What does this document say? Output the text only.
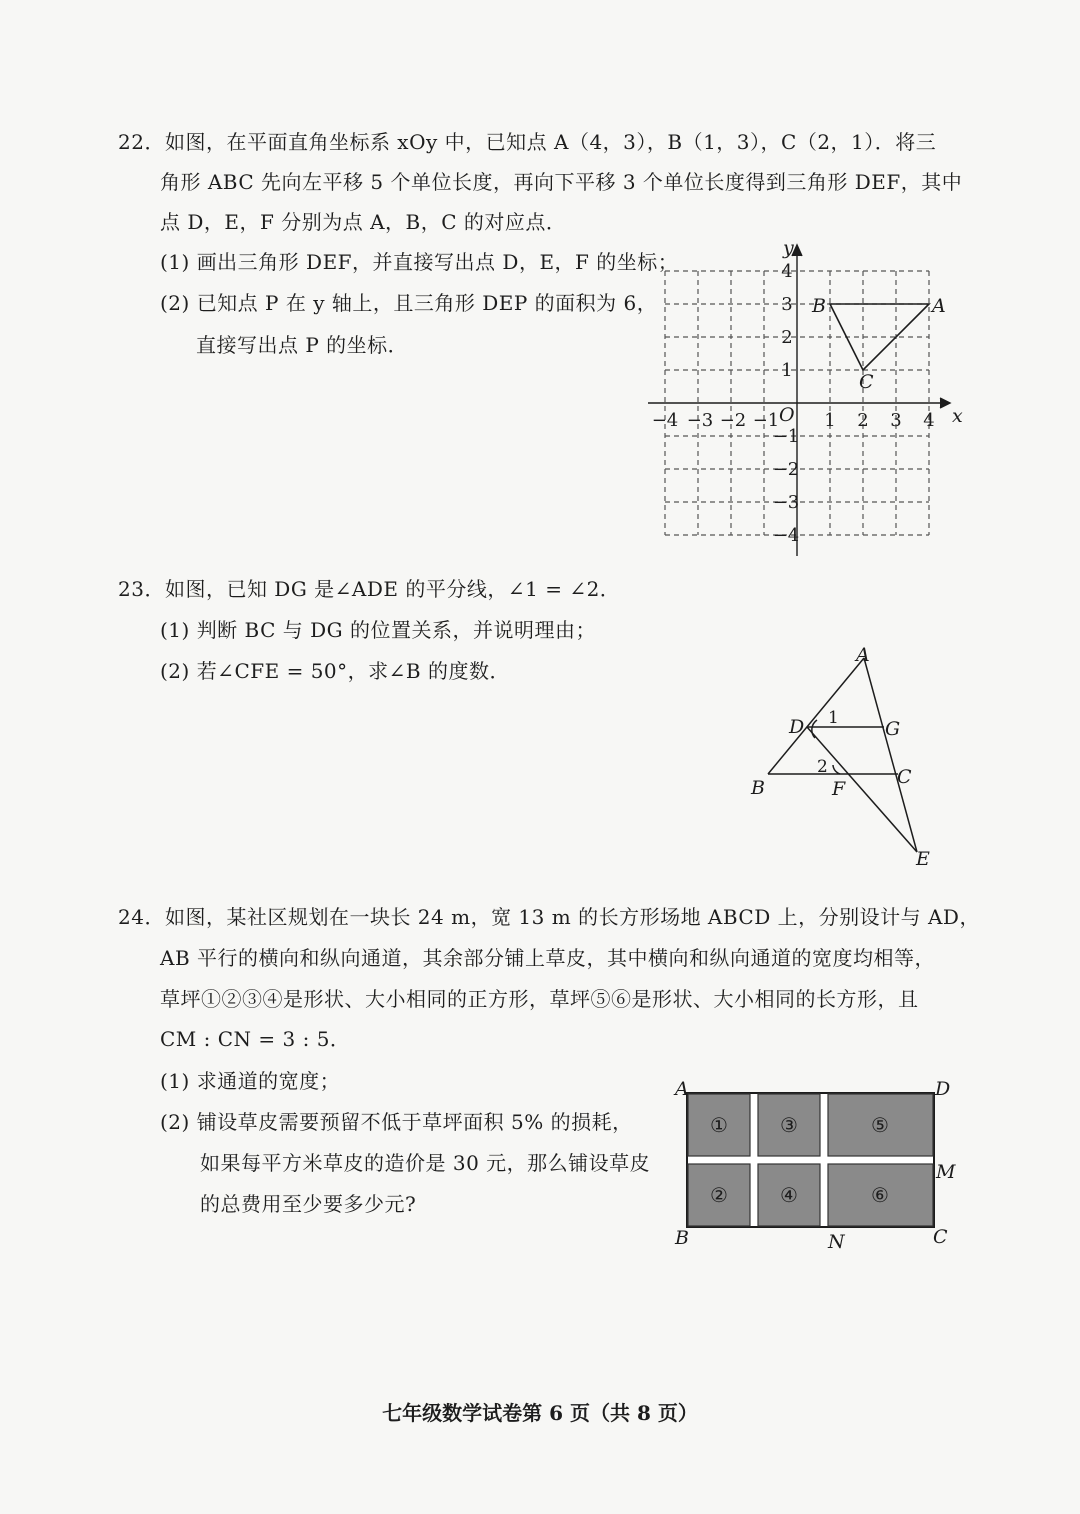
22．如图，在平面直角坐标系 xOy 中，已知点 A（4，3），B（1，3），C（2，1）．将三
角形 ABC 先向左平移 5 个单位长度，再向下平移 3 个单位长度得到三角形 DEF，其中
点 D，E，F 分别为点 A，B，C 的对应点．
(1) 画出三角形 DEF，并直接写出点 D，E，F 的坐标；
(2) 已知点 P 在 y 轴上，且三角形 DEP 的面积为 6，
直接写出点 P 的坐标．
y
x
O
−4 −3 −2 −1	1 2 3 4
4
3
2
1
−1
−2
−3
−4
A
B
C
23．如图，已知 DG 是∠ADE 的平分线，∠1 = ∠2．
(1) 判断 BC 与 DG 的位置关系，并说明理由；
(2) 若∠CFE = 50°，求∠B 的度数．
A
D	G
B	F
C
E
1
2
24．如图，某社区规划在一块长 24 m，宽 13 m 的长方形场地 ABCD 上，分别设计与 AD，
AB 平行的横向和纵向通道，其余部分铺上草皮，其中横向和纵向通道的宽度均相等，
草坪①②③④是形状、大小相同的正方形，草坪⑤⑥是形状、大小相同的长方形，且
CM : CN = 3 : 5．
(1) 求通道的宽度；
(2) 铺设草皮需要预留不低于草坪面积 5% 的损耗，
如果每平方米草皮的造价是 30 元，那么铺设草皮
的总费用至少要多少元?
①	③	⑤
②	④	⑥
A	D
B	C
M
N
七年级数学试卷第 6 页（共 8 页）
